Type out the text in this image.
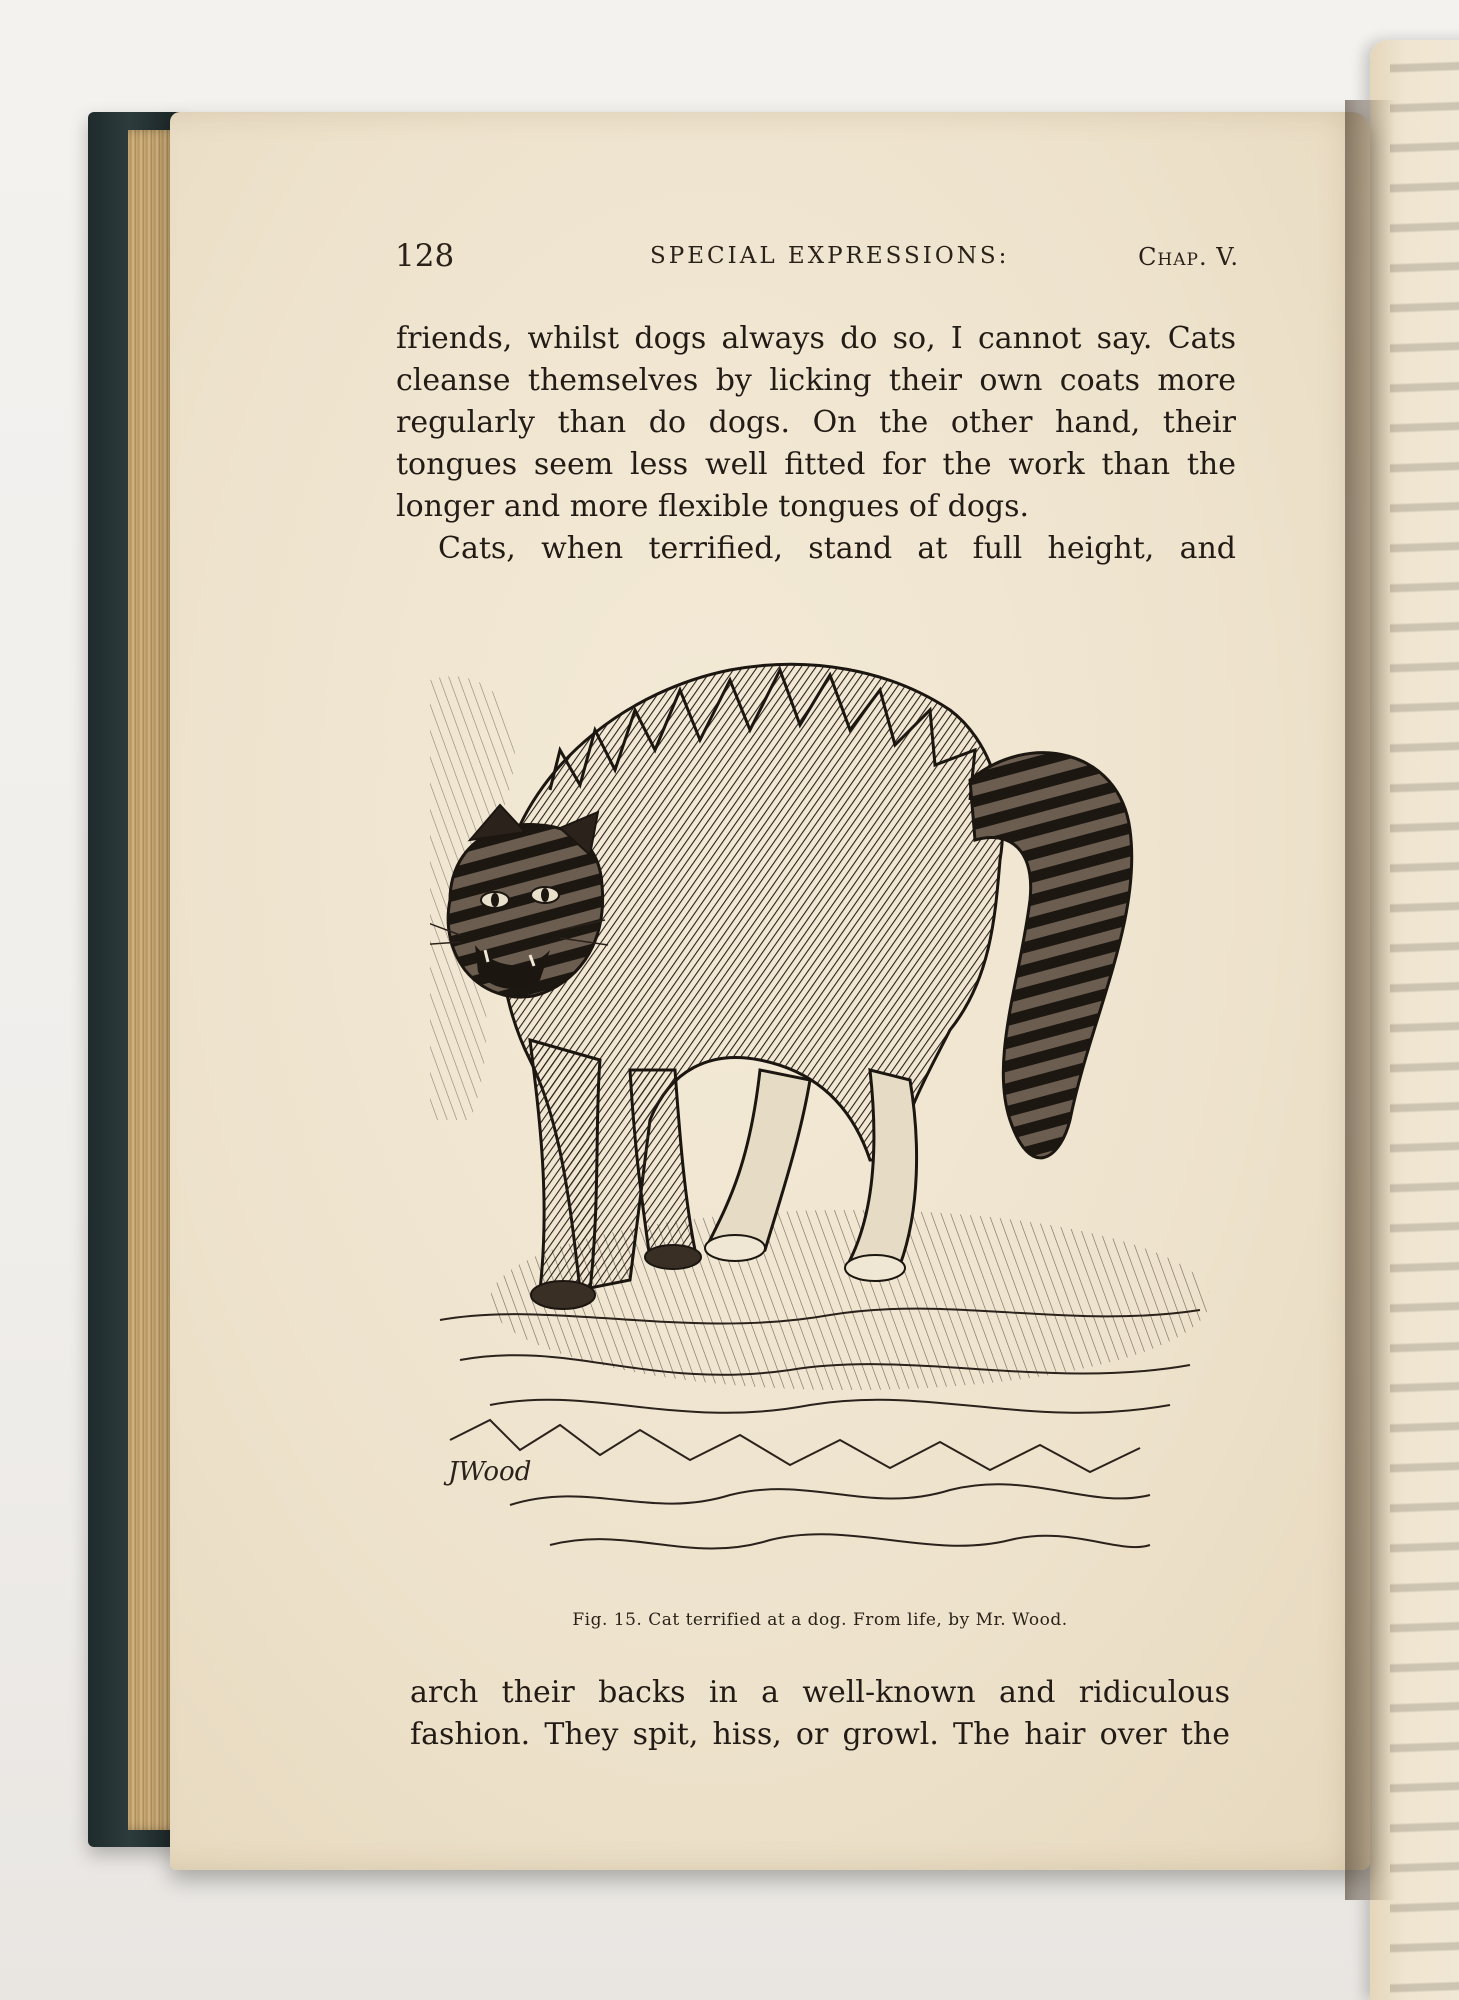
128	SPECIAL EXPRESSIONS:	Chap. V.
friends, whilst dogs always do so, I cannot say. Cats
cleanse themselves by licking their own coats more
regularly than do dogs. On the other hand, their
tongues seem less well fitted for the work than the
longer and more flexible tongues of dogs.
Cats, when terrified, stand at full height, and
JWood
Fig. 15. Cat terrified at a dog. From life, by Mr. Wood.
arch their backs in a well-known and ridiculous
fashion. They spit, hiss, or growl. The hair over the
